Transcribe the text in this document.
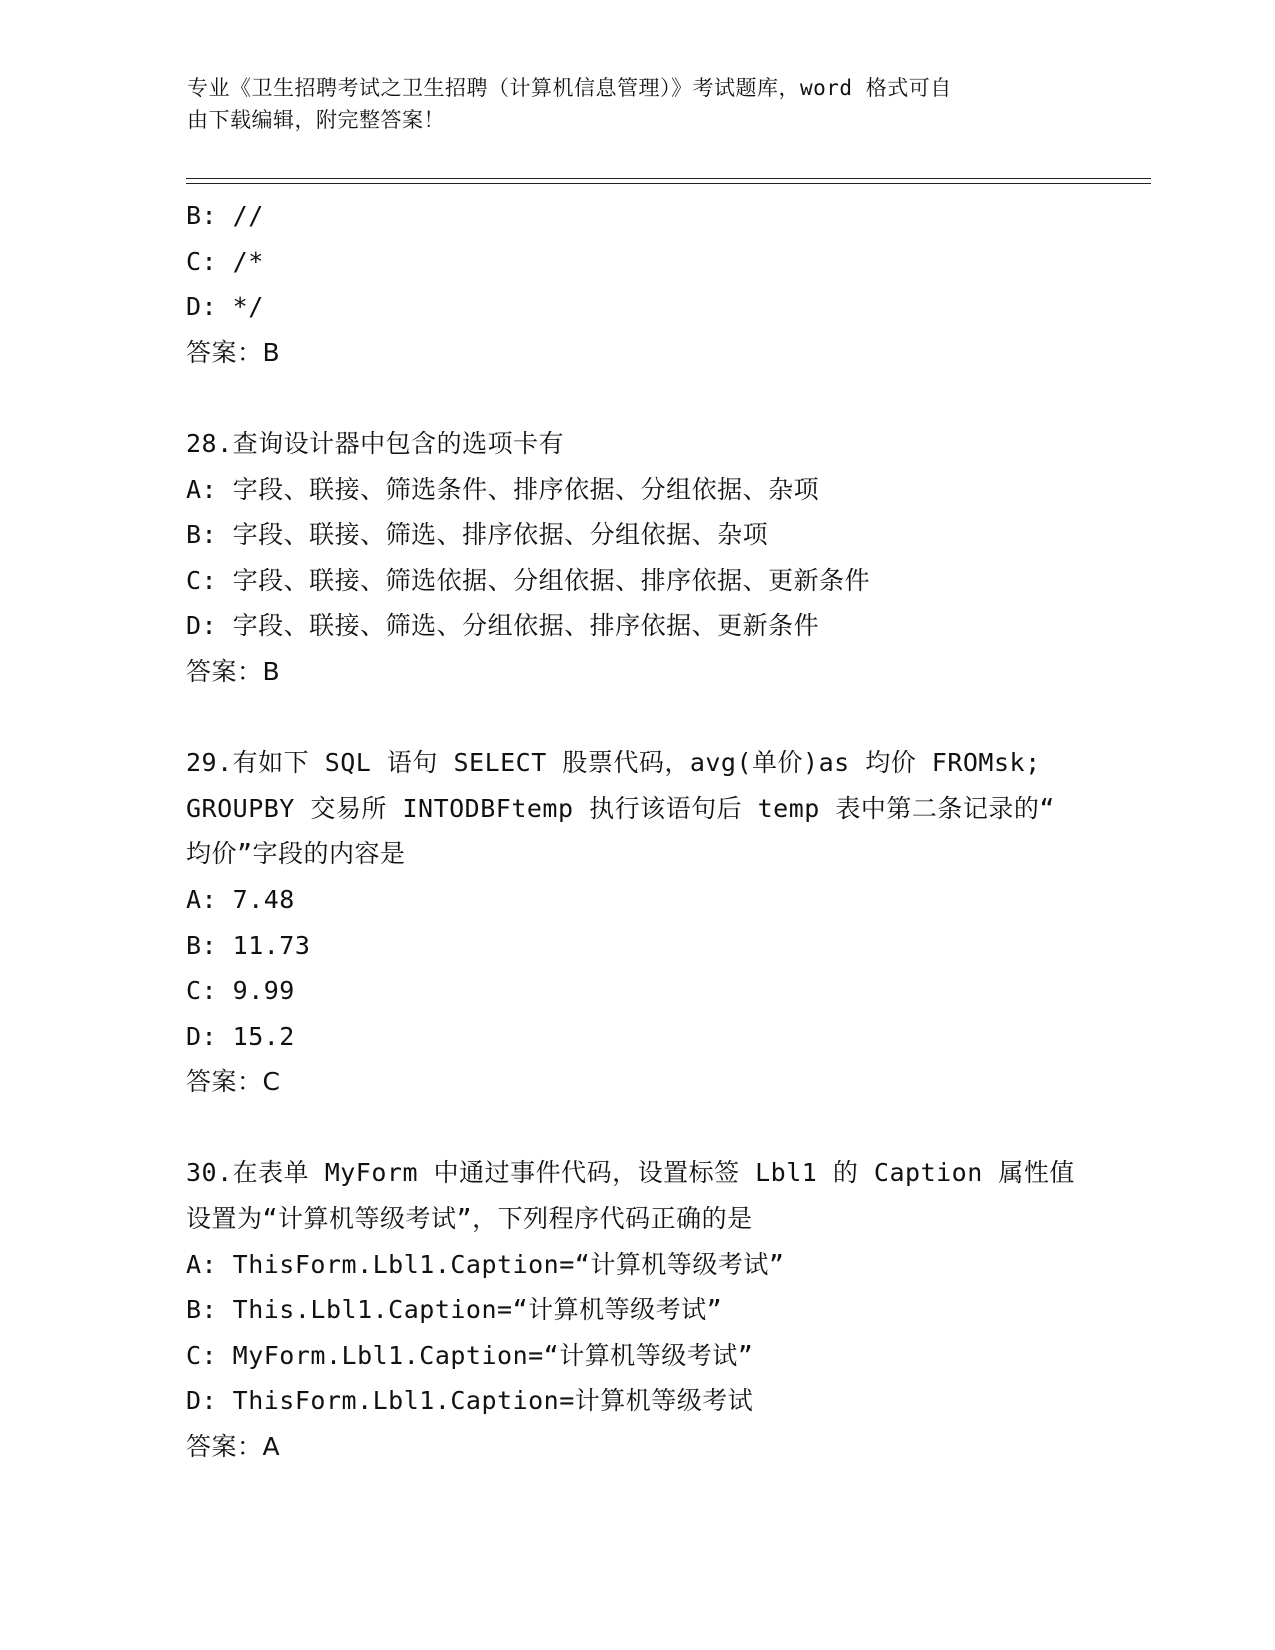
专业《卫生招聘考试之卫生招聘（计算机信息管理）》考试题库，word 格式可自
由下载编辑，附完整答案！
B: //
C: /*
D: */
答案：B
28.查询设计器中包含的选项卡有
A: 字段、联接、筛选条件、排序依据、分组依据、杂项
B: 字段、联接、筛选、排序依据、分组依据、杂项
C: 字段、联接、筛选依据、分组依据、排序依据、更新条件
D: 字段、联接、筛选、分组依据、排序依据、更新条件
答案：B
29.有如下 SQL 语句 SELECT 股票代码，avg(单价)as 均价 FROMsk;
GROUPBY 交易所 INTODBFtemp 执行该语句后 temp 表中第二条记录的“
均价”字段的内容是
A: 7.48
B: 11.73
C: 9.99
D: 15.2
答案：C
30.在表单 MyForm 中通过事件代码，设置标签 Lbl1 的 Caption 属性值
设置为“计算机等级考试”，下列程序代码正确的是
A: ThisForm.Lbl1.Caption=“计算机等级考试”
B: This.Lbl1.Caption=“计算机等级考试”
C: MyForm.Lbl1.Caption=“计算机等级考试”
D: ThisForm.Lbl1.Caption=计算机等级考试
答案：A
